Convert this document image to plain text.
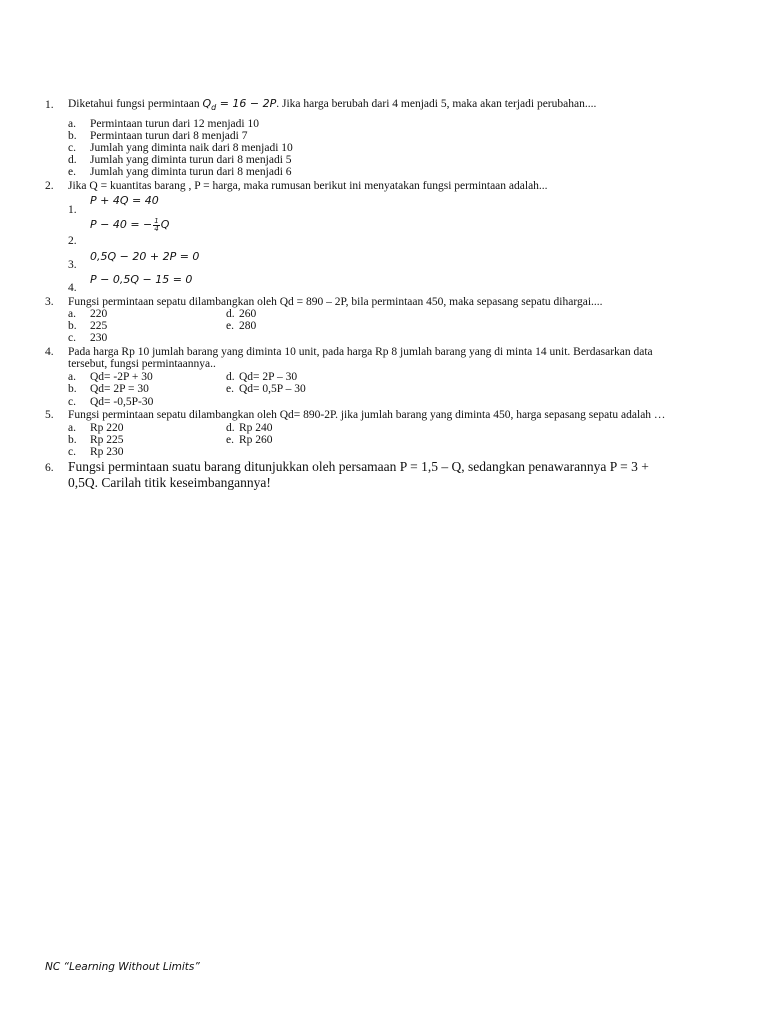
1. Diketahui fungsi permintaan $Q_d = 16 - 2P$. Jika harga berubah dari 4 menjadi 5, maka akan terjadi perubahan....
a. Permintaan turun dari 12 menjadi 10
b. Permintaan turun dari 8 menjadi 7
c. Jumlah yang diminta naik dari 8 menjadi 10
d. Jumlah yang diminta turun dari 8 menjadi 5
e. Jumlah yang diminta turun dari 8 menjadi 6
2. Jika Q = kuantitas barang , P = harga, maka rumusan berikut ini menyatakan fungsi permintaan adalah...
P + 4Q = 40
1.
P − 40 = − $\frac{1}{4}$ Q
2.
0,5Q − 20 + 2P = 0
3.
P − 0,5Q − 15 = 0
4.
3. Fungsi permintaan sepatu dilambangkan oleh Qd = 890 – 2P, bila permintaan 450, maka sepasang sepatu dihargai....
a. 220
b. 225
c. 230
d. 260
e. 280
4. Pada harga Rp 10 jumlah barang yang diminta 10 unit, pada harga Rp 8 jumlah barang yang di minta 14 unit. Berdasarkan data
tersebut, fungsi permintaannya..
a. Qd= -2P + 30
b. Qd= 2P = 30
c. Qd= -0,5P-30
d. Qd= 2P – 30
e. Qd= 0,5P – 30
5. Fungsi permintaan sepatu dilambangkan oleh Qd= 890-2P. jika jumlah barang yang diminta 450, harga sepasang sepatu adalah …
a. Rp 220
b. Rp 225
c. Rp 230
d. Rp 240
e. Rp 260
6. Fungsi permintaan suatu barang ditunjukkan oleh persamaan P = 1,5 – Q, sedangkan penawarannya P = 3 +
0,5Q. Carilah titik keseimbangannya!
NC “Learning Without Limits”
